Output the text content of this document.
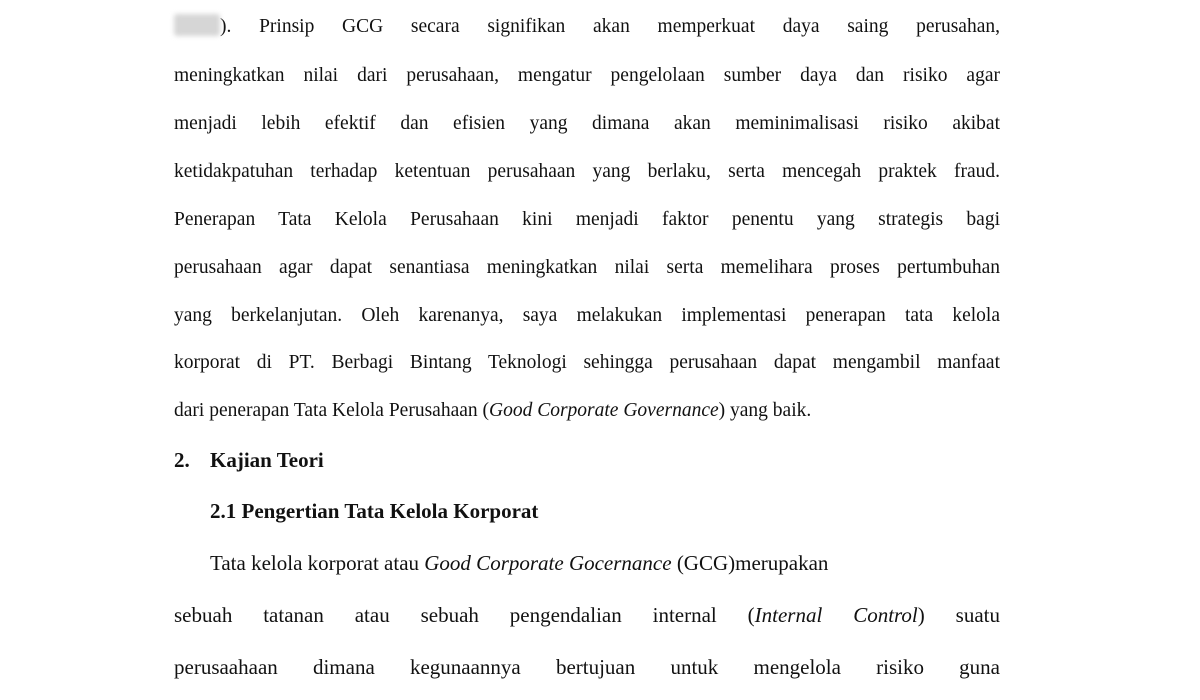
). Prinsip GCG secara signifikan akan memperkuat daya saing perusahan,
meningkatkan nilai dari perusahaan, mengatur pengelolaan sumber daya dan risiko agar
menjadi lebih efektif dan efisien yang dimana akan meminimalisasi risiko akibat
ketidakpatuhan terhadap ketentuan perusahaan yang berlaku, serta mencegah praktek fraud.
Penerapan Tata Kelola Perusahaan kini menjadi faktor penentu yang strategis bagi
perusahaan agar dapat senantiasa meningkatkan nilai serta memelihara proses pertumbuhan
yang berkelanjutan. Oleh karenanya, saya melakukan implementasi penerapan tata kelola
korporat di PT. Berbagi Bintang Teknologi sehingga perusahaan dapat mengambil manfaat
dari penerapan Tata Kelola Perusahaan (Good Corporate Governance) yang baik.
2. Kajian Teori
2.1 Pengertian Tata Kelola Korporat
Tata kelola korporat atau Good Corporate Gocernance (GCG)merupakan
sebuah tatanan atau sebuah pengendalian internal (Internal Control) suatu
perusaahaan dimana kegunaannya bertujuan untuk mengelola risiko guna
